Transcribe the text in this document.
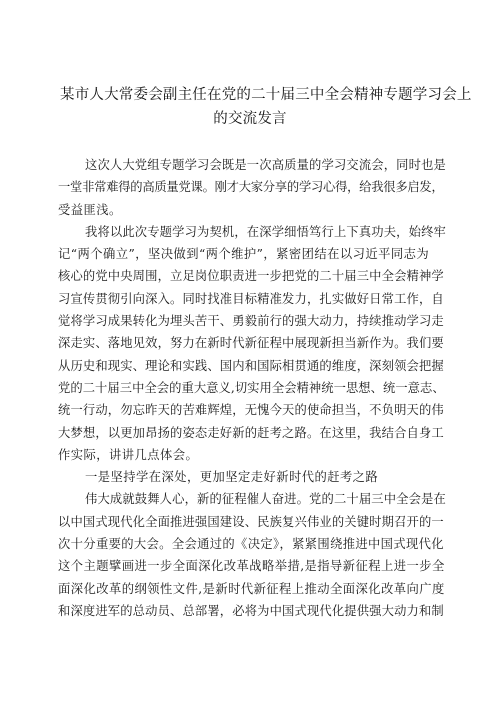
某市人大常委会副主任在党的二十届三中全会精神专题学习会上
的交流发言
这次人大党组专题学习会既是一次高质量的学习交流会，同时也是
一堂非常难得的高质量党课。刚才大家分享的学习心得，给我很多启发，
受益匪浅。
我将以此次专题学习为契机，在深学细悟笃行上下真功夫，始终牢
记“两个确立”，坚决做到“两个维护”，紧密团结在以习近平同志为
核心的党中央周围，立足岗位职责进一步把党的二十届三中全会精神学
习宣传贯彻引向深入。同时找准目标精准发力，扎实做好日常工作，自
觉将学习成果转化为埋头苦干、勇毅前行的强大动力，持续推动学习走
深走实、落地见效，努力在新时代新征程中展现新担当新作为。我们要
从历史和现实、理论和实践、国内和国际相贯通的维度，深刻领会把握
党的二十届三中全会的重大意义,切实用全会精神统一思想、统一意志、
统一行动，勿忘昨天的苦难辉煌，无愧今天的使命担当，不负明天的伟
大梦想，以更加昂扬的姿态走好新的赶考之路。在这里，我结合自身工
作实际，讲讲几点体会。
一是坚持学在深处，更加坚定走好新时代的赶考之路
伟大成就鼓舞人心，新的征程催人奋进。党的二十届三中全会是在
以中国式现代化全面推进强国建设、民族复兴伟业的关键时期召开的一
次十分重要的大会。全会通过的《决定》，紧紧围绕推进中国式现代化
这个主题擘画进一步全面深化改革战略举措,是指导新征程上进一步全
面深化改革的纲领性文件,是新时代新征程上推动全面深化改革向广度
和深度进军的总动员、总部署，必将为中国式现代化提供强大动力和制
